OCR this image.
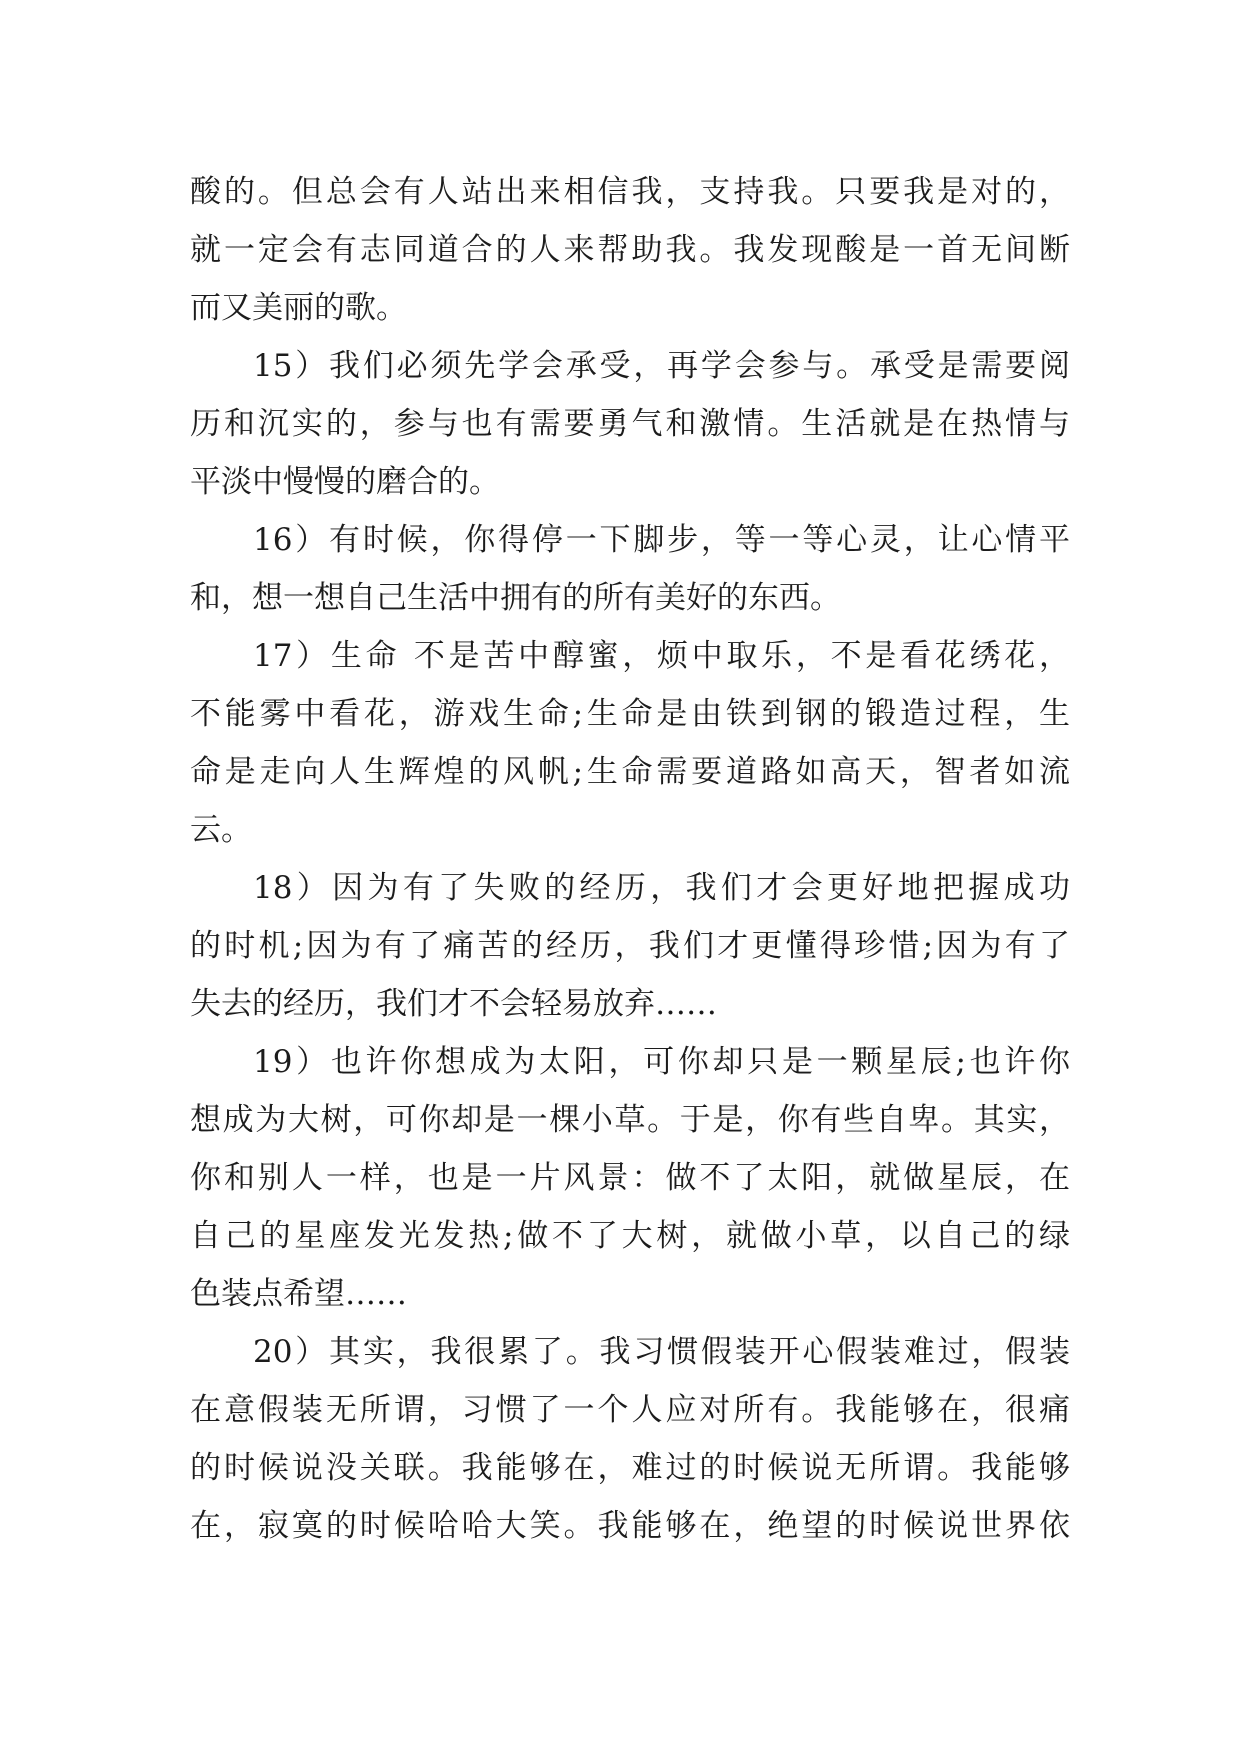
酸的。但总会有人站出来相信我，支持我。只要我是对的，
就一定会有志同道合的人来帮助我。我发现酸是一首无间断
而又美丽的歌。
15）我们必须先学会承受，再学会参与。承受是需要阅
历和沉实的，参与也有需要勇气和激情。生活就是在热情与
平淡中慢慢的磨合的。
16）有时候，你得停一下脚步，等一等心灵，让心情平
和，想一想自己生活中拥有的所有美好的东西。
17）生命 不是苦中醇蜜，烦中取乐，不是看花绣花，
不能雾中看花，游戏生命;生命是由铁到钢的锻造过程，生
命是走向人生辉煌的风帆;生命需要道路如高天，智者如流
云。
18）因为有了失败的经历，我们才会更好地把握成功
的时机;因为有了痛苦的经历，我们才更懂得珍惜;因为有了
失去的经历，我们才不会轻易放弃……
19）也许你想成为太阳，可你却只是一颗星辰;也许你
想成为大树，可你却是一棵小草。于是，你有些自卑。其实，
你和别人一样，也是一片风景：做不了太阳，就做星辰，在
自己的星座发光发热;做不了大树，就做小草，以自己的绿
色装点希望……
20）其实，我很累了。我习惯假装开心假装难过，假装
在意假装无所谓，习惯了一个人应对所有。我能够在，很痛
的时候说没关联。我能够在，难过的时候说无所谓。我能够
在，寂寞的时候哈哈大笑。我能够在，绝望的时候说世界依
